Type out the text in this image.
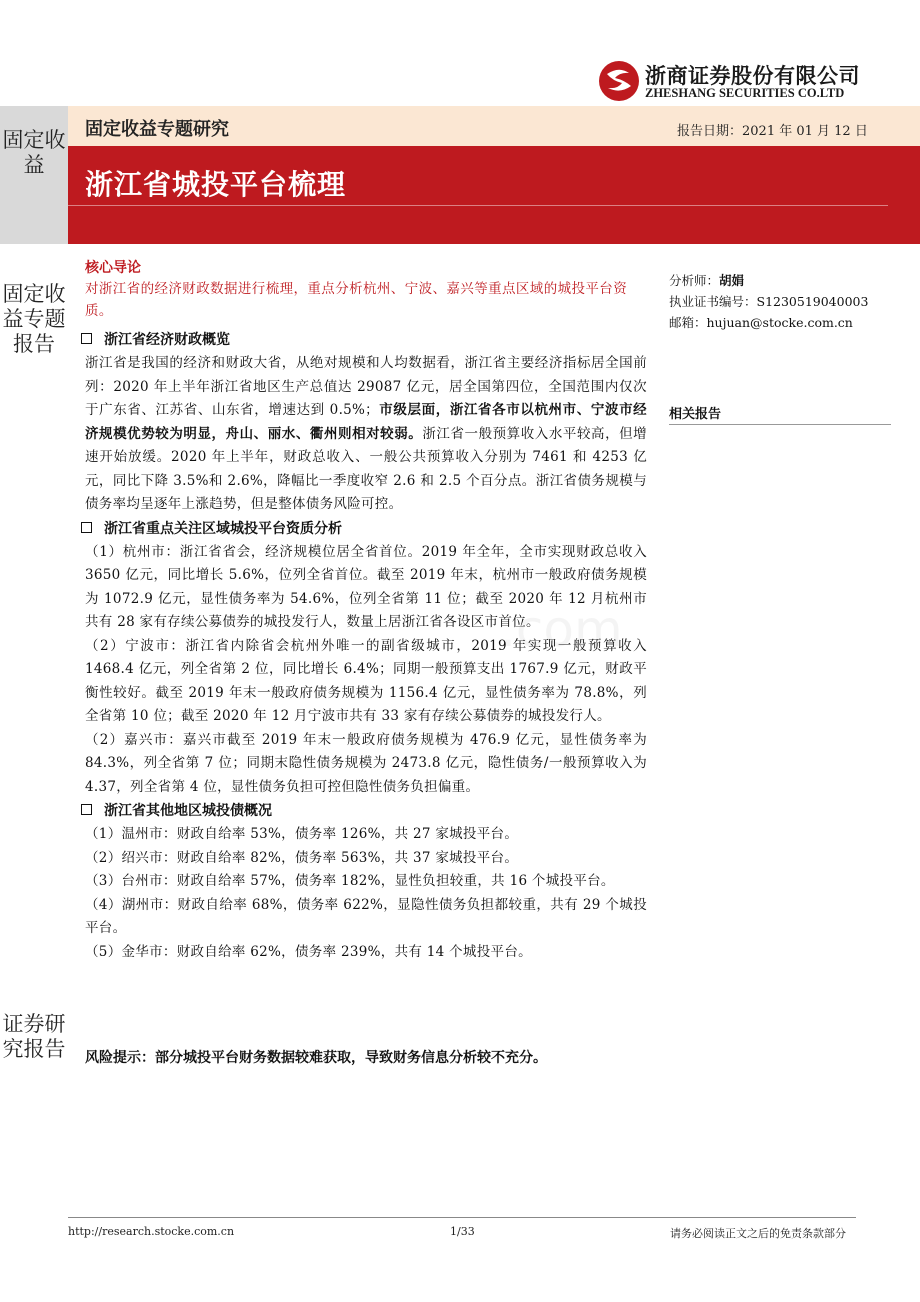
浙商证券股份有限公司
ZHESHANG SECURITIES CO.LTD
固定收益
固定收益专题报告
证券研究报告
固定收益专题研究	报告日期：2021 年 01 月 12 日
浙江省城投平台梳理
核心导论
对浙江省的经济财政数据进行梳理，重点分析杭州、宁波、嘉兴等重点区域的城投平台资质。
浙江省经济财政概览

浙江省是我国的经济和财政大省，从绝对规模和人均数据看，浙江省主要经济指标居全国前列：2020 年上半年浙江省地区生产总值达 29087 亿元，居全国第四位，全国范围内仅次于广东省、江苏省、山东省，增速达到 0.5%；市级层面，浙江省各市以杭州市、宁波市经济规模优势较为明显，舟山、丽水、衢州则相对较弱。浙江省一般预算收入水平较高，但增速开始放缓。2020 年上半年，财政总收入、一般公共预算收入分别为 7461 和 4253 亿元，同比下降 3.5%和 2.6%，降幅比一季度收窄 2.6 和 2.5 个百分点。浙江省债务规模与债务率均呈逐年上涨趋势，但是整体债务风险可控。

浙江省重点关注区域城投平台资质分析

（1）杭州市：浙江省省会，经济规模位居全省首位。2019 年全年，全市实现财政总收入 3650 亿元，同比增长 5.6%，位列全省首位。截至 2019 年末，杭州市一般政府债务规模为 1072.9 亿元，显性债务率为 54.6%，位列全省第 11 位；截至 2020 年 12 月杭州市共有 28 家有存续公募债券的城投发行人，数量上居浙江省各设区市首位。

（2）宁波市：浙江省内除省会杭州外唯一的副省级城市，2019 年实现一般预算收入 1468.4 亿元，列全省第 2 位，同比增长 6.4%；同期一般预算支出 1767.9 亿元，财政平衡性较好。截至 2019 年末一般政府债务规模为 1156.4 亿元，显性债务率为 78.8%，列全省第 10 位；截至 2020 年 12 月宁波市共有 33 家有存续公募债券的城投发行人。

（2）嘉兴市：嘉兴市截至 2019 年末一般政府债务规模为 476.9 亿元，显性债务率为 84.3%，列全省第 7 位；同期末隐性债务规模为 2473.8 亿元，隐性债务/一般预算收入为 4.37，列全省第 4 位，显性债务负担可控但隐性债务负担偏重。

浙江省其他地区城投债概况

（1）温州市：财政自给率 53%，债务率 126%，共 27 家城投平台。

（2）绍兴市：财政自给率 82%，债务率 563%，共 37 家城投平台。

（3）台州市：财政自给率 57%，债务率 182%，显性负担较重，共 16 个城投平台。

（4）湖州市：财政自给率 68%，债务率 622%，显隐性债务负担都较重，共有 29 个城投平台。

（5）金华市：财政自给率 62%，债务率 239%，共有 14 个城投平台。

风险提示：部分城投平台财务数据较难获取，导致财务信息分析较不充分。
分析师：胡娟
执业证书编号：S1230519040003
邮箱：hujuan@stocke.com.cn
相关报告
http://research.stocke.com.cn	1/33	请务必阅读正文之后的免责条款部分
